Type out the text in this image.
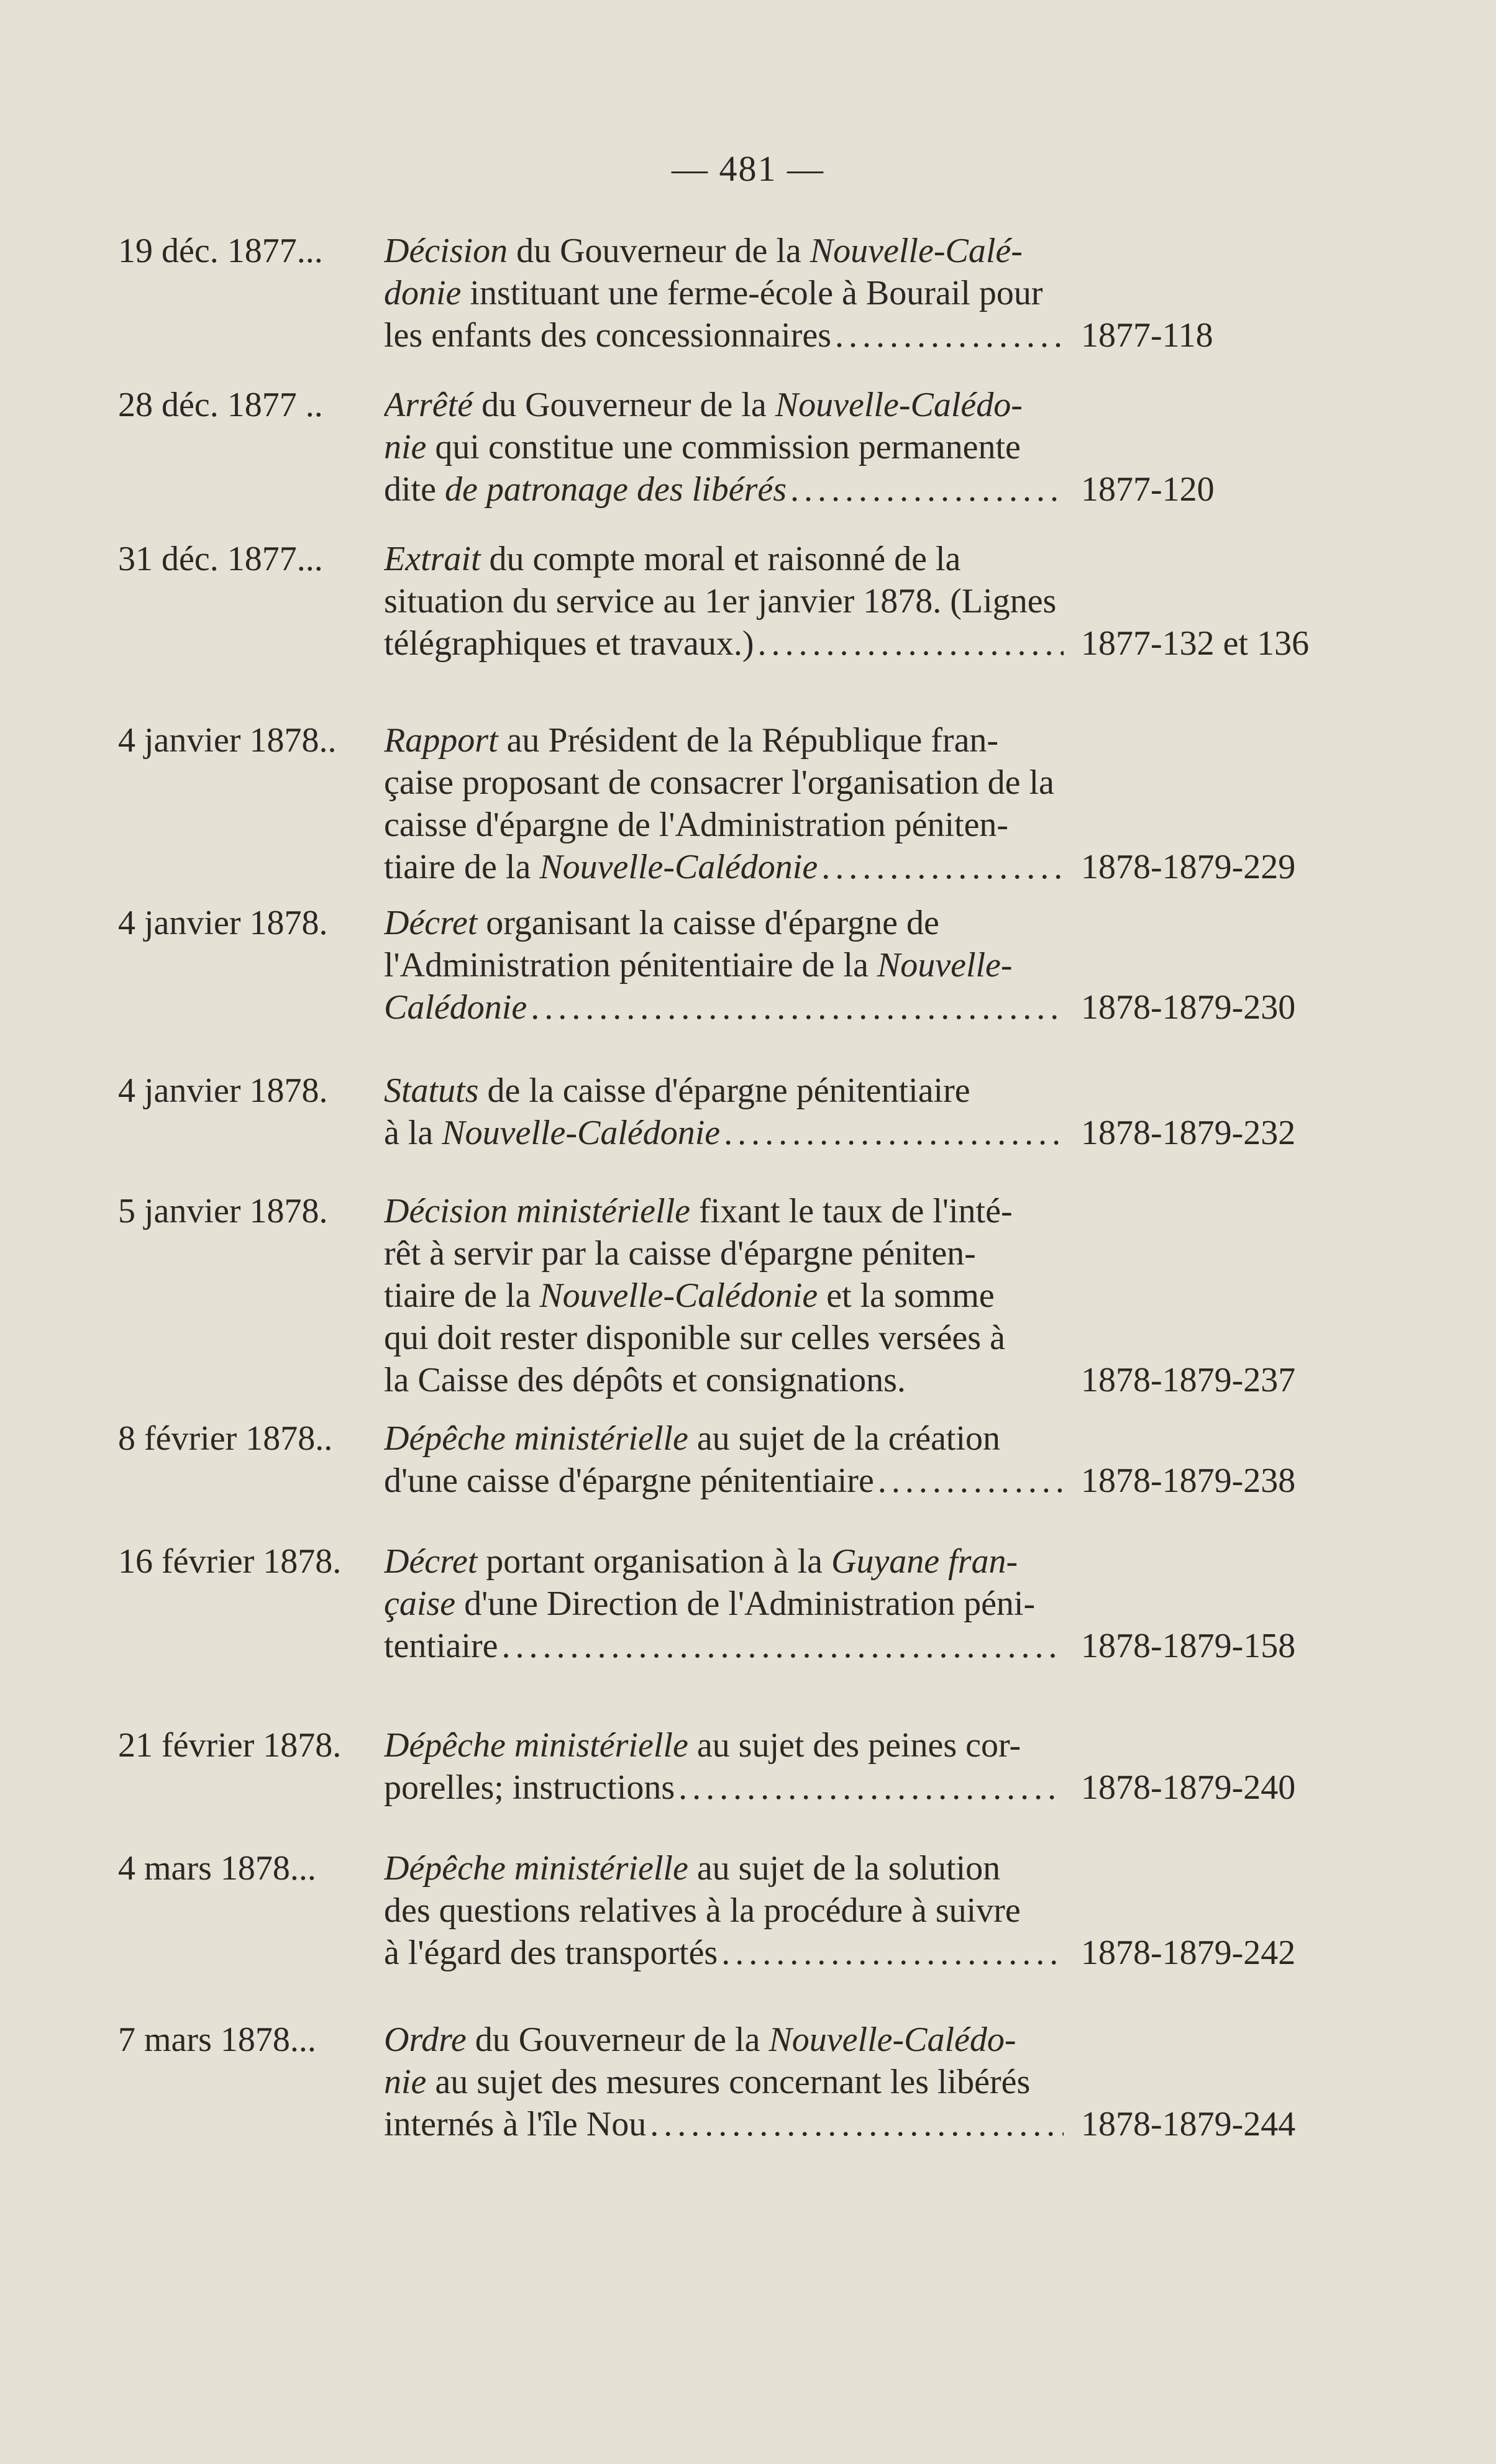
— 481 —
19 déc. 1877...	Décision du Gouverneur de la Nouvelle-Calé-
donie instituant une ferme-école à Bourail pour
les enfants des concessionnaires .....	1877-118
28 déc. 1877 ..	Arrêté du Gouverneur de la Nouvelle-Calédo-
nie qui constitue une commission permanente
dite de patronage des libérés .....	1877-120
31 déc. 1877...	Extrait du compte moral et raisonné de la
situation du service au 1er janvier 1878. (Lignes
télégraphiques et travaux.) .....	1877-132 et 136
4 janvier 1878..	Rapport au Président de la République fran-
çaise proposant de consacrer l'organisation de la
caisse d'épargne de l'Administration péniten-
tiaire de la Nouvelle-Calédonie .....	1878-1879-229
4 janvier 1878.	Décret organisant la caisse d'épargne de
l'Administration pénitentiaire de la Nouvelle-
Calédonie .....	1878-1879-230
4 janvier 1878.	Statuts de la caisse d'épargne pénitentiaire
à la Nouvelle-Calédonie .....	1878-1879-232
5 janvier 1878.	Décision ministérielle fixant le taux de l'inté-
rêt à servir par la caisse d'épargne péniten-
tiaire de la Nouvelle-Calédonie et la somme
qui doit rester disponible sur celles versées à
la Caisse des dépôts et consignations.	1878-1879-237
8 février 1878..	Dépêche ministérielle au sujet de la création
d'une caisse d'épargne pénitentiaire .....	1878-1879-238
16 février 1878.	Décret portant organisation à la Guyane fran-
çaise d'une Direction de l'Administration péni-
tentiaire .....	1878-1879-158
21 février 1878.	Dépêche ministérielle au sujet des peines cor-
porelles; instructions .....	1878-1879-240
4 mars 1878...	Dépêche ministérielle au sujet de la solution
des questions relatives à la procédure à suivre
à l'égard des transportés .....	1878-1879-242
7 mars 1878...	Ordre du Gouverneur de la Nouvelle-Calédo-
nie au sujet des mesures concernant les libérés
internés à l'île Nou .....	1878-1879-244
